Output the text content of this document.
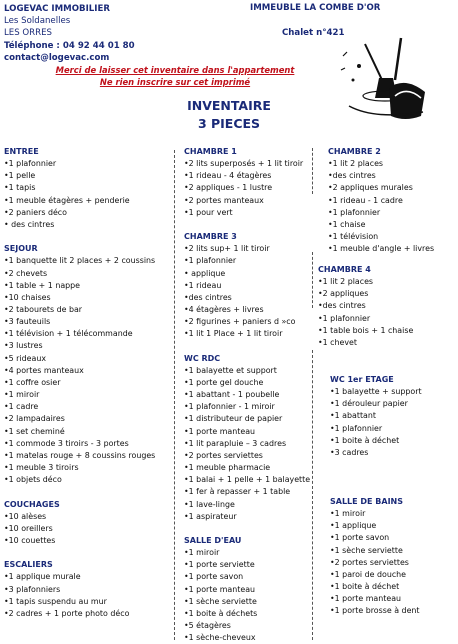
LOGEVAC IMMOBILIER
Les Soldanelles
LES ORRES
Téléphone : 04 92 44 01 80
contact@logevac.com
IMMEUBLE LA COMBE D'OR
Chalet n°421
Merci de laisser cet inventaire dans l'appartement
Ne rien inscrire sur cet imprimé
INVENTAIRE
3 PIECES
ENTREE
•1 plafonnier
•1 pelle
•1 tapis
•1 meuble étagères + penderie
•2 paniers déco
• des cintres
SEJOUR
•1 banquette lit 2 places + 2 coussins
•2 chevets
•1 table + 1 nappe
•10 chaises
•2 tabourets de bar
•3 fauteuils
•1 télévision + 1 télécommande
•3 lustres
•5 rideaux
•4 portes manteaux
•1 coffre osier
•1 miroir
•1 cadre
•2 lampadaires
•1 set cheminé
•1 commode 3 tiroirs - 3 portes
•1 matelas rouge + 8 coussins rouges
•1 meuble 3 tiroirs
•1 objets déco
COUCHAGES
•10 alèses
•10 oreillers
•10 couettes
ESCALIERS
•1 applique murale
•3 plafonniers
•1 tapis suspendu au mur
•2 cadres + 1 porte photo déco
CHAMBRE 1
•2 lits superposés + 1 lit tiroir
•1 rideau - 4 étagères
•2 appliques - 1 lustre
•2 portes manteaux
•1 pour vert
CHAMBRE 3
•2 lits sup+ 1 lit tiroir
•1 plafonnier
• applique
•1 rideau
•des cintres
•4 étagères + livres
•2 figurines + paniers d »co
•1 lit 1 Place + 1 lit tiroir
WC RDC
•1 balayette et support
•1 porte gel douche
•1 abattant - 1 poubelle
•1 plafonnier - 1 miroir
•1 distributeur de papier
•1 porte manteau
•1 lit parapluie – 3 cadres
•2 portes serviettes
•1 meuble pharmacie
•1 balai + 1 pelle + 1 balayette
•1 fer à repasser + 1 table
•1 lave-linge
•1 aspirateur
SALLE D'EAU
•1 miroir
•1 porte serviette
•1 porte savon
•1 porte manteau
•1 sèche serviette
•1 boite à déchets
•5 étagères
•1 sèche-cheveux
CHAMBRE 2
•1 lit 2 places
•des cintres
•2 appliques murales
•1 rideau - 1 cadre
•1 plafonnier
•1 chaise
•1 télévision
•1 meuble d'angle + livres
CHAMBRE 4
•1 lit 2 places
•2 appliques
•des cintres
•1 plafonnier
•1 table bois + 1 chaise
•1 chevet
WC 1er ETAGE
•1 balayette + support
•1 dérouleur papier
•1 abattant
•1 plafonnier
•1 boite à déchet
•3 cadres
SALLE DE BAINS
•1 miroir
•1 applique
•1 porte savon
•1 sèche serviette
•2 portes serviettes
•1 paroi de douche
•1 boite à déchet
•1 porte manteau
•1 porte brosse à dent
